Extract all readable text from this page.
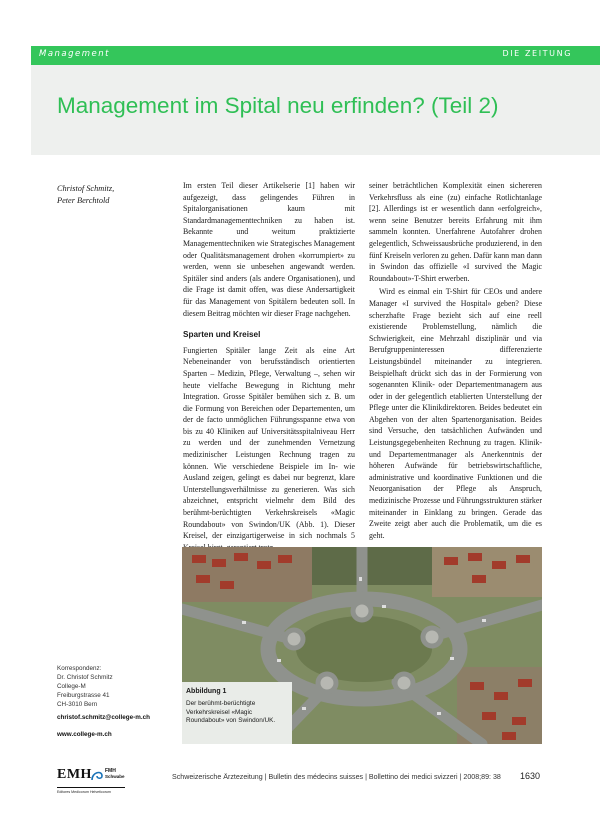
Management	DIE ZEITUNG
Management im Spital neu erfinden? (Teil 2)
Christof Schmitz,
Peter Berchtold

Im ersten Teil dieser Artikelserie [1] haben wir aufgezeigt, dass gelingendes Führen in Spitalorganisationen kaum mit Standardmanagementtechniken zu haben ist. Bekannte und weitum praktizierte Managementtechniken wie Strategisches Management oder Qualitätsmanagement drohen «korrumpiert» zu werden, wenn sie unbesehen angewandt werden. Spitäler sind anders (als andere Organisationen), und die Frage ist damit offen, was diese Andersartigkeit für das Management von Spitälern bedeuten soll. In diesem Beitrag möchten wir dieser Frage nachgehen.

Sparten und Kreisel

Fungierten Spitäler lange Zeit als eine Art Nebeneinander von berufsständisch orientierten Sparten – Medizin, Pflege, Verwaltung –, sehen wir heute vielfache Bewegung in Richtung mehr Integration. Grosse Spitäler bemühen sich z. B. um die Formung von Bereichen oder Departementen, um der de facto unmöglichen Führungsspanne etwa von bis zu 40 Kliniken auf Universitätsspitalniveau Herr zu werden und der zunehmenden Vernetzung medizinischer Leistungen Rechnung tragen zu können. Wie verschiedene Beispiele im In- wie Ausland zeigen, gelingt es dabei nur begrenzt, klare Unterstellungsverhältnisse zu generieren. Was sich abzeichnet, entspricht vielmehr dem Bild des berühmt-berüchtigten Verkehrskreisels «Magic Roundabout» von Swindon/UK (Abb. 1). Dieser Kreisel, der einzigartigerweise in sich nochmals 5

seiner beträchtlichen Komplexität einen sichereren Verkehrsfluss als eine (zu) einfache Rotlichtanlage [2]. Allerdings ist er wesentlich dann «erfolgreich», wenn seine Benutzer bereits Erfahrung mit ihm sammeln konnten. Unerfahrene Autofahrer drohen gelegentlich, Schweissausbrüche produzierend, in den fünf Kreiseln verloren zu gehen. Dafür kann man dann in Swindon das offizielle «I survived the Magic Roundabout»-T-Shirt erwerben.

Wird es einmal ein T-Shirt für CEOs und andere Manager «I survived the Hospital» geben? Diese scherzhafte Frage bezieht sich auf eine reell existierende Problemstellung, nämlich die Schwierigkeit, eine Mehrzahl disziplinär und via Berufgruppeninteressen differenzierte Leistungsbündel miteinander zu integrieren. Beispielhaft drückt sich das in der Formierung von sogenannten Klinik- oder Departementmanagern aus oder in der gelegentlich etablierten Unterstellung der Pflege unter die Klinikdirektoren. Beides bedeutet ein Abgehen von der alten Spartenorganisation. Beides sind Versuche, den tatsächlichen Aufwänden und Leistungsgegebenheiten Rechnung zu tragen. Klinik- und Departementmanager als Anerkenntnis der höheren Aufwände für betriebswirtschaftliche, administrative und koordinative Funktionen und die Neuorganisation der Pflege als Anspruch, medizinische Prozesse und Führungsstrukturen stärker miteinander in Einklang zu bringen. Gerade das Zweite zeigt aber auch die Problematik, um die es geht.

Abbildung 1
Der berühmt-berüchtigte Verkehrskreisel «Magic Roundabout» von Swindon/UK.
Korrespondenz:
Dr. Christof Schmitz
College-M
Freiburgstrasse 41
CH-3010 Bern
christof.schmitz@college-m.ch
www.college-m.ch
EMH	FMH
Schwabe
Editores Medicorum Helveticorum
Schweizerische Ärztezeitung | Bulletin des médecins suisses | Bollettino dei medici svizzeri | 2008;89: 38 1630
